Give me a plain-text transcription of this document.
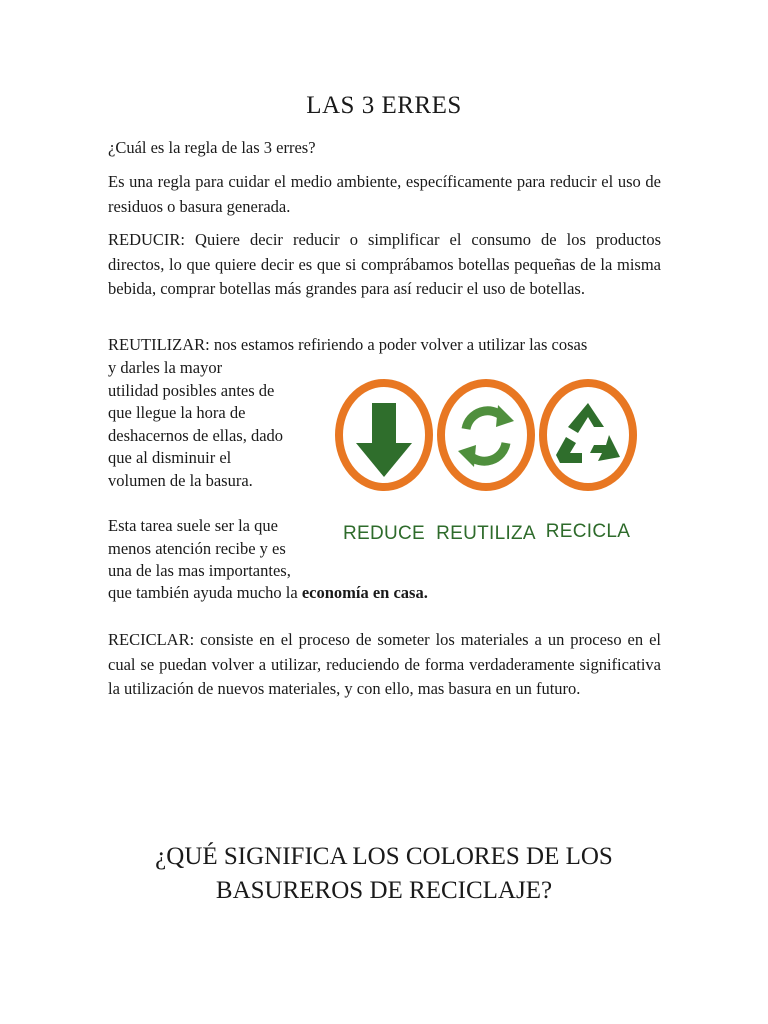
LAS 3 ERRES

¿Cuál es la regla de las 3 erres?

Es una regla para cuidar el medio ambiente, específicamente para reducir el uso de residuos o basura generada.

REDUCIR: Quiere decir reducir o simplificar el consumo de los productos directos, lo que quiere decir es que si comprábamos botellas pequeñas de la misma bebida, comprar botellas más grandes para así reducir el uso de botellas.

REUTILIZAR: nos estamos refiriendo a poder volver a utilizar las cosas
y darles la mayor
utilidad posibles antes de
que llegue la hora de
deshacernos de ellas, dado
que al disminuir el
volumen de la basura.
Esta tarea suele ser la que
menos atención recibe y es
una de las mas importantes,
que también ayuda mucho la economía en casa.

RECICLAR: consiste en el proceso de someter los materiales a un proceso en el cual se puedan volver a utilizar, reduciendo de forma verdaderamente significativa la utilización de nuevos materiales, y con ello, mas basura en un futuro.

¿QUÉ SIGNIFICA LOS COLORES DE LOS
BASUREROS DE RECICLAJE?
REDUCE REUTILIZA RECICLA
